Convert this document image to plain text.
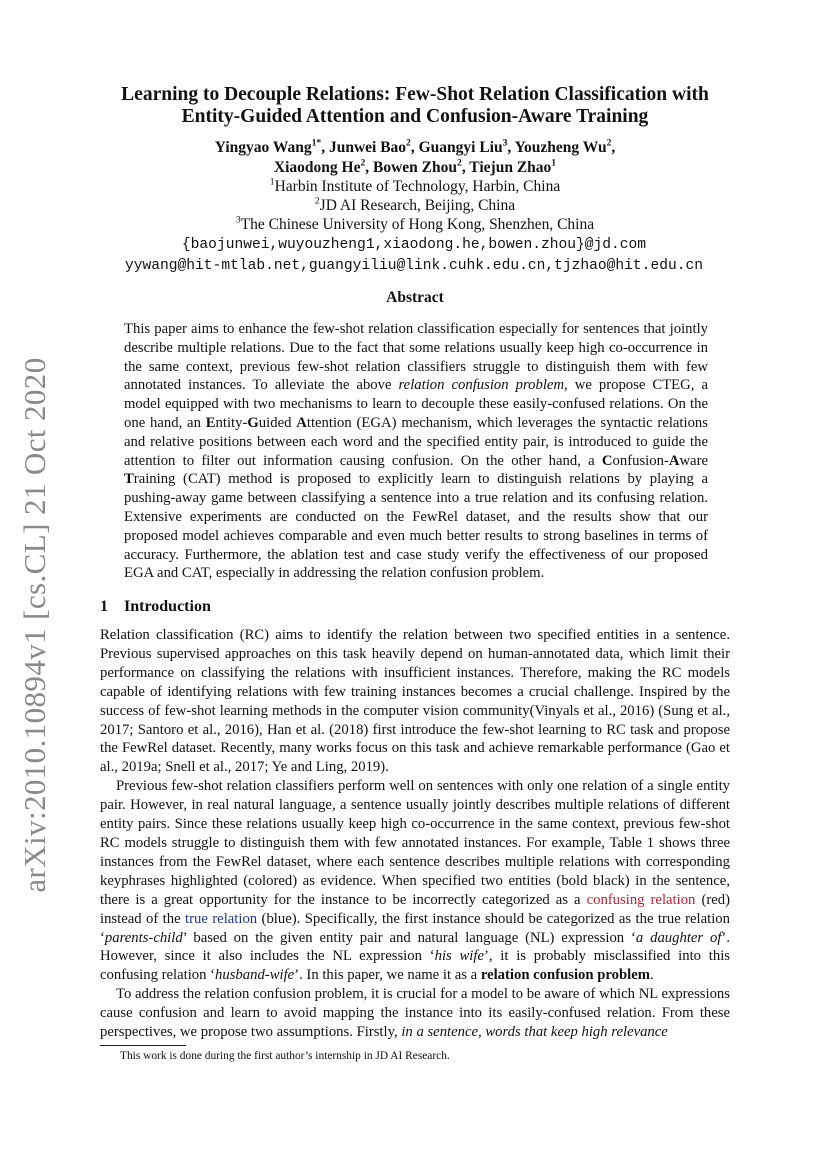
arXiv:2010.10894v1 [cs.CL] 21 Oct 2020
Learning to Decouple Relations: Few-Shot Relation Classification with
Entity-Guided Attention and Confusion-Aware Training
Yingyao Wang$^{1*}$, Junwei Bao$^2$, Guangyi Liu$^3$, Youzheng Wu$^2$,
Xiaodong He$^2$, Bowen Zhou$^2$, Tiejun Zhao$^1$
$^1$Harbin Institute of Technology, Harbin, China
$^2$JD AI Research, Beijing, China
$^3$The Chinese University of Hong Kong, Shenzhen, China
{baojunwei,wuyouzheng1,xiaodong.he,bowen.zhou}@jd.com
yywang@hit-mtlab.net,guangyiliu@link.cuhk.edu.cn,tjzhao@hit.edu.cn
Abstract

This paper aims to enhance the few-shot relation classification especially for sentences that jointly describe multiple relations. Due to the fact that some relations usually keep high co-occurrence in the same context, previous few-shot relation classifiers struggle to distinguish them with few annotated instances. To alleviate the above relation confusion problem, we propose CTEG, a model equipped with two mechanisms to learn to decouple these easily-confused relations. On the one hand, an Entity-Guided Attention (EGA) mechanism, which leverages the syntactic relations and relative positions between each word and the specified entity pair, is introduced to guide the attention to filter out information causing confusion. On the other hand, a Confusion-Aware Training (CAT) method is proposed to explicitly learn to distinguish relations by playing a pushing-away game between classifying a sentence into a true relation and its confusing relation. Extensive experiments are conducted on the FewRel dataset, and the results show that our proposed model achieves comparable and even much better results to strong baselines in terms of accuracy. Furthermore, the ablation test and case study verify the effectiveness of our proposed EGA and CAT, especially in addressing the relation confusion problem.

1 Introduction

Relation classification (RC) aims to identify the relation between two specified entities in a sentence. Previous supervised approaches on this task heavily depend on human-annotated data, which limit their performance on classifying the relations with insufficient instances. Therefore, making the RC models capable of identifying relations with few training instances becomes a crucial challenge. Inspired by the success of few-shot learning methods in the computer vision community(Vinyals et al., 2016) (Sung et al., 2017; Santoro et al., 2016), Han et al. (2018) first introduce the few-shot learning to RC task and propose the FewRel dataset. Recently, many works focus on this task and achieve remarkable performance (Gao et al., 2019a; Snell et al., 2017; Ye and Ling, 2019).

Previous few-shot relation classifiers perform well on sentences with only one relation of a single entity pair. However, in real natural language, a sentence usually jointly describes multiple relations of different entity pairs. Since these relations usually keep high co-occurrence in the same context, previous few-shot RC models struggle to distinguish them with few annotated instances. For example, Table 1 shows three instances from the FewRel dataset, where each sentence describes multiple relations with corresponding keyphrases highlighted (colored) as evidence. When specified two entities (bold black) in the sentence, there is a great opportunity for the instance to be incorrectly categorized as a confusing relation (red) instead of the true relation (blue). Specifically, the first instance should be categorized as the true relation ‘parents-child’ based on the given entity pair and natural language (NL) expression ‘a daughter of’. However, since it also includes the NL expression ‘his wife’, it is probably misclassified into this confusing relation ‘husband-wife’. In this paper, we name it as a relation confusion problem.

To address the relation confusion problem, it is crucial for a model to be aware of which NL expressions cause confusion and learn to avoid mapping the instance into its easily-confused relation. From these perspectives, we propose two assumptions. Firstly, in a sentence, words that keep high relevance

This work is done during the first author’s internship in JD AI Research.
